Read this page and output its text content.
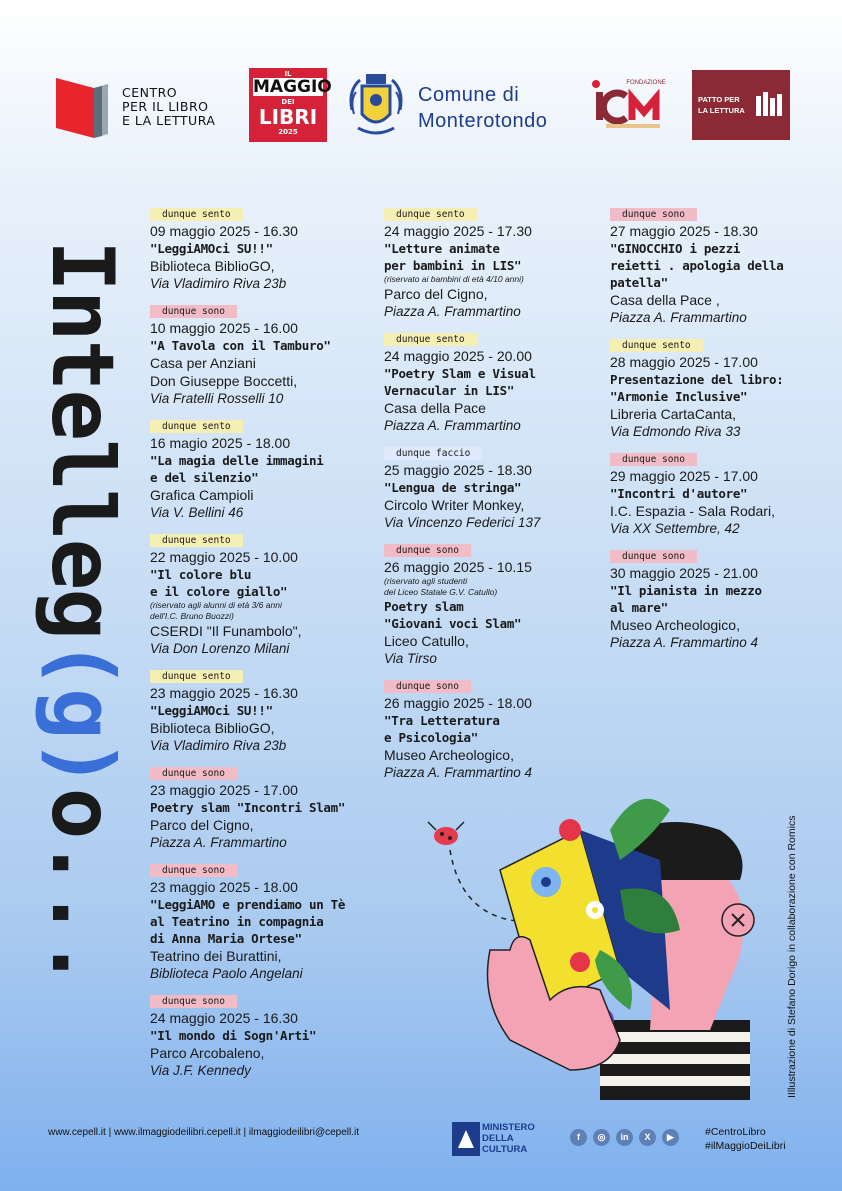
CENTRO
PER IL LIBRO
E LA LETTURA
IL
MAGGIO
DEI
LIBRI
2025
Comune di
Monterotondo
FONDAZIONE
PATTO PER
LA LETTURA
Intelleg(g)o...
dunque sento
09 maggio 2025 - 16.30
"LeggiAMOci SU!!"
Biblioteca BiblioGO,
Via Vladimiro Riva 23b
dunque sono
10 maggio 2025 - 16.00
"A Tavola con il Tamburo"
Casa per Anziani
Don Giuseppe Boccetti,
Via Fratelli Rosselli 10
dunque sento
16 magio 2025 - 18.00
"La magia delle immagini
e del silenzio"
Grafica Campioli
Via V. Bellini 46
dunque sento
22 maggio 2025 - 10.00
"Il colore blu
e il colore giallo"
(riservato agli alunni di età 3/6 anni
dell'I.C. Bruno Buozzi)
CSERDI "Il Funambolo",
Via Don Lorenzo Milani
dunque sento
23 maggio 2025 - 16.30
"LeggiAMOci SU!!"
Biblioteca BiblioGO,
Via Vladimiro Riva 23b
dunque sono
23 maggio 2025 - 17.00
Poetry slam "Incontri Slam"
Parco del Cigno,
Piazza A. Frammartino
dunque sono
23 maggio 2025 - 18.00
"LeggiAMO e prendiamo un Tè
al Teatrino in compagnia
di Anna Maria Ortese"
Teatrino dei Burattini,
Biblioteca Paolo Angelani
dunque sono
24 maggio 2025 - 16.30
"Il mondo di Sogn'Arti"
Parco Arcobaleno,
Via J.F. Kennedy
dunque sento
24 maggio 2025 - 17.30
"Letture animate
per bambini in LIS"
(riservato ai bambini di età 4/10 anni)
Parco del Cigno,
Piazza A. Frammartino
dunque sento
24 maggio 2025 - 20.00
"Poetry Slam e Visual
Vernacular in LIS"
Casa della Pace
Piazza A. Frammartino
dunque faccio
25 maggio 2025 - 18.30
"Lengua de stringa"
Circolo Writer Monkey,
Via Vincenzo Federici 137
dunque sono
26 maggio 2025 - 10.15
(riservato agli studenti
del Liceo Statale G.V. Catullo)
Poetry slam
"Giovani voci Slam"
Liceo Catullo,
Via Tirso
dunque sono
26 maggio 2025 - 18.00
"Tra Letteratura
e Psicologia"
Museo Archeologico,
Piazza A. Frammartino 4
dunque sono
27 maggio 2025 - 18.30
"GINOCCHIO i pezzi
reietti . apologia della
patella"
Casa della Pace ,
Piazza A. Frammartino
dunque sento
28 maggio 2025 - 17.00
Presentazione del libro:
"Armonie Inclusive"
Libreria CartaCanta,
Via Edmondo Riva 33
dunque sono
29 maggio 2025 - 17.00
"Incontri d'autore"
I.C. Espazia - Sala Rodari,
Via XX Settembre, 42
dunque sono
30 maggio 2025 - 21.00
"Il pianista in mezzo
al mare"
Museo Archeologico,
Piazza A. Frammartino 4
sd	IIllustrazione di Stefano Dorigo in collaborazione con Romics
www.cepell.it | www.ilmaggiodeilibri.cepell.it | ilmaggiodeilibri@cepell.it	MINISTERO
DELLA
CULTURA
f	◎	in	X	▶	#CentroLibro
#ilMaggioDeiLibri
